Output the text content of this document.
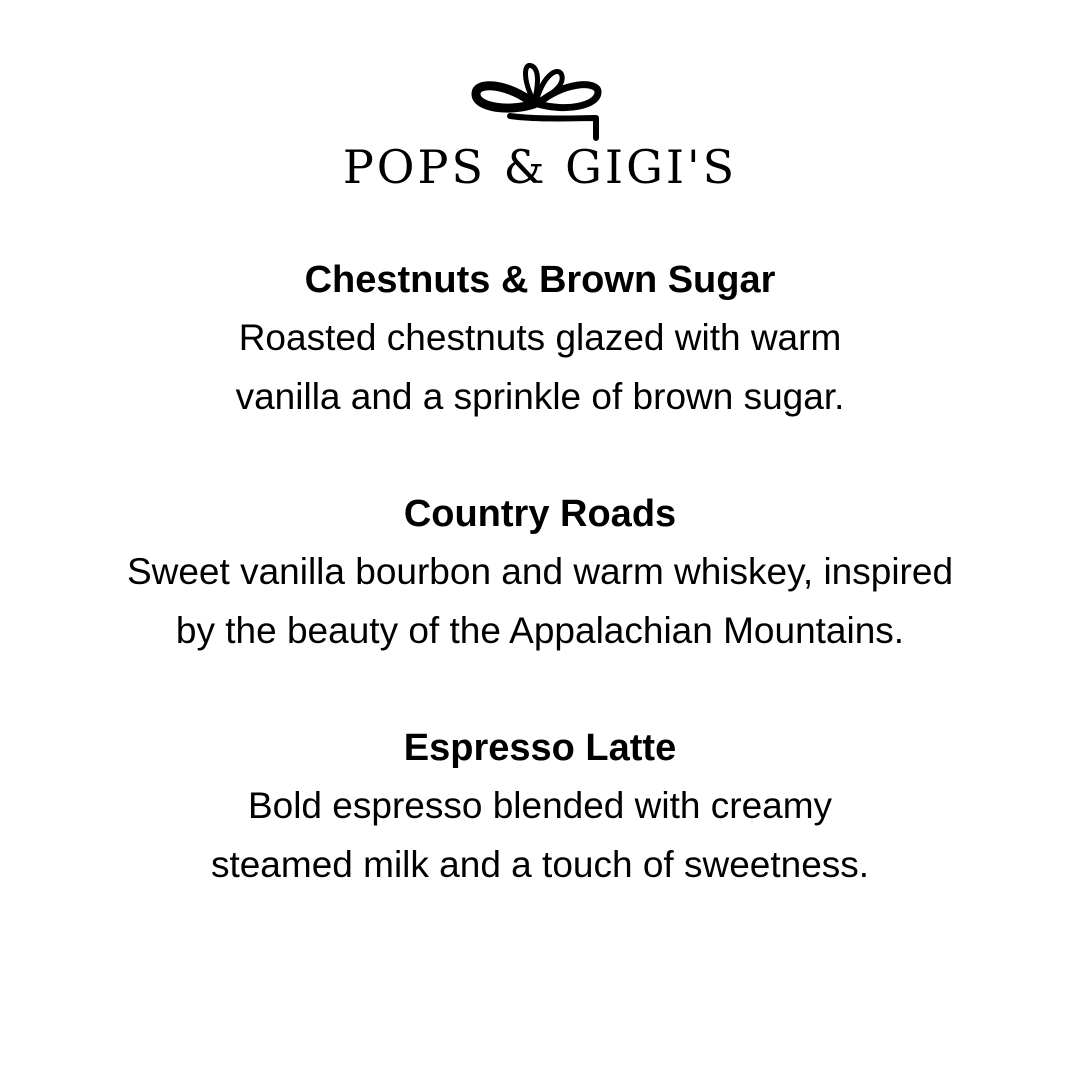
POPS & GIGI'S

Chestnuts & Brown Sugar

Roasted chestnuts glazed with warm
vanilla and a sprinkle of brown sugar.

Country Roads

Sweet vanilla bourbon and warm whiskey, inspired
by the beauty of the Appalachian Mountains.

Espresso Latte

Bold espresso blended with creamy
steamed milk and a touch of sweetness.
